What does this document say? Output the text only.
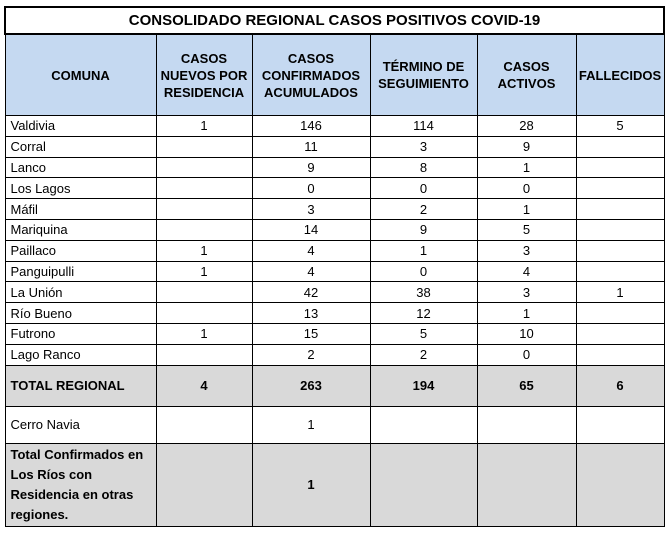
CONSOLIDADO REGIONAL CASOS POSITIVOS COVID-19					
COMUNA	CASOS NUEVOS POR RESIDENCIA	CASOS CONFIRMADOS ACUMULADOS	TÉRMINO DE SEGUIMIENTO	CASOS ACTIVOS	FALLECIDOS
Valdivia	1	146	114	28	5
Corral		11	3	9	
Lanco		9	8	1	
Los Lagos		0	0	0	
Máfil		3	2	1	
Mariquina		14	9	5	
Paillaco	1	4	1	3	
Panguipulli	1	4	0	4	
La Unión		42	38	3	1
Río Bueno		13	12	1	
Futrono	1	15	5	10	
Lago Ranco		2	2	0	
TOTAL REGIONAL	4	263	194	65	6
Cerro Navia		1			
Total Confirmados en Los Ríos con Residencia en otras regiones.		1			
